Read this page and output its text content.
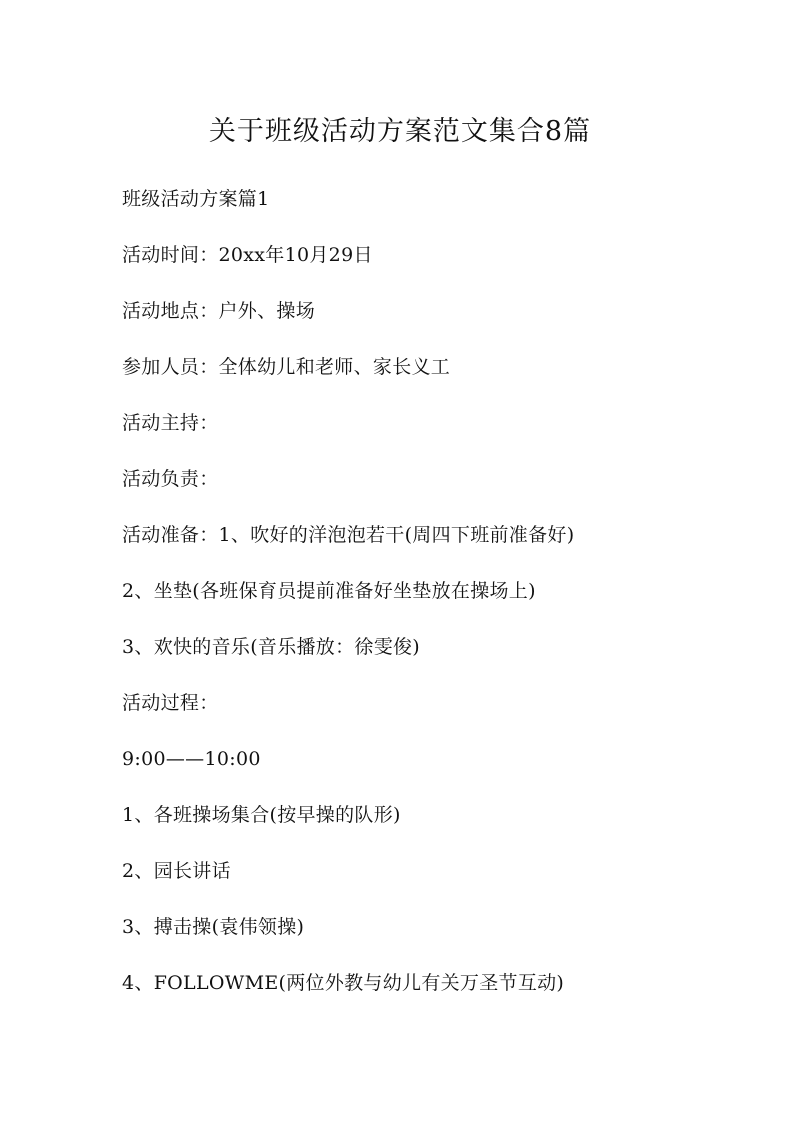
关于班级活动方案范文集合8篇
班级活动方案篇1
活动时间：20xx年10月29日
活动地点：户外、操场
参加人员：全体幼儿和老师、家长义工
活动主持：
活动负责：
活动准备：1、吹好的洋泡泡若干(周四下班前准备好)
2、坐垫(各班保育员提前准备好坐垫放在操场上)
3、欢快的音乐(音乐播放：徐雯俊)
活动过程：
9:00——10:00
1、各班操场集合(按早操的队形)
2、园长讲话
3、搏击操(袁伟领操)
4、FOLLOWME(两位外教与幼儿有关万圣节互动)
